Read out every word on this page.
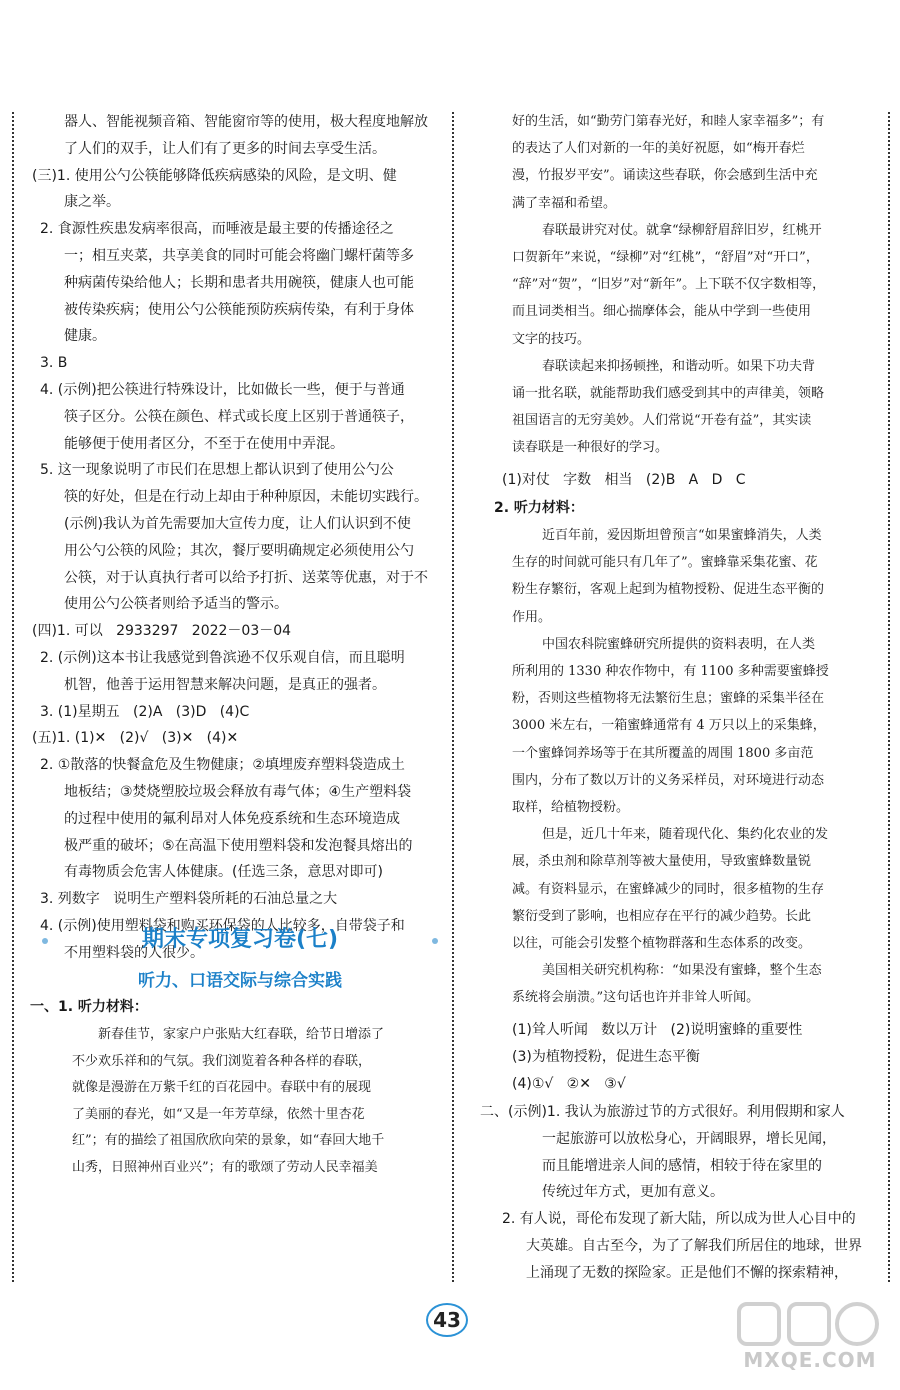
器人、智能视频音箱、智能窗帘等的使用，极大程度地解放
了人们的双手，让人们有了更多的时间去享受生活。
(三)1. 使用公勺公筷能够降低疾病感染的风险，是文明、健
康之举。
2. 食源性疾患发病率很高，而唾液是最主要的传播途径之
一；相互夹菜，共享美食的同时可能会将幽门螺杆菌等多
种病菌传染给他人；长期和患者共用碗筷，健康人也可能
被传染疾病；使用公勺公筷能预防疾病传染，有利于身体
健康。
3. B
4. (示例)把公筷进行特殊设计，比如做长一些，便于与普通
筷子区分。公筷在颜色、样式或长度上区别于普通筷子，
能够便于使用者区分，不至于在使用中弄混。
5. 这一现象说明了市民们在思想上都认识到了使用公勺公
筷的好处，但是在行动上却由于种种原因，未能切实践行。
(示例)我认为首先需要加大宣传力度，让人们认识到不使
用公勺公筷的风险；其次，餐厅要明确规定必须使用公勺
公筷，对于认真执行者可以给予打折、送菜等优惠，对于不
使用公勺公筷者则给予适当的警示。
(四)1. 可以   2933297   2022－03－04
2. (示例)这本书让我感觉到鲁滨逊不仅乐观自信，而且聪明
机智，他善于运用智慧来解决问题，是真正的强者。
3. (1)星期五   (2)A   (3)D   (4)C
(五)1. (1)✕   (2)√   (3)✕   (4)✕
2. ①散落的快餐盒危及生物健康；②填埋废弃塑料袋造成土
地板结；③焚烧塑胶垃圾会释放有毒气体；④生产塑料袋
的过程中使用的氟利昂对人体免疫系统和生态环境造成
极严重的破坏；⑤在高温下使用塑料袋和发泡餐具熔出的
有毒物质会危害人体健康。(任选三条，意思对即可)
3. 列数字   说明生产塑料袋所耗的石油总量之大
4. (示例)使用塑料袋和购买环保袋的人比较多，自带袋子和
不用塑料袋的人很少。
期末专项复习卷(七)
听力、口语交际与综合实践
一、1. 听力材料：
新春佳节，家家户户张贴大红春联，给节日增添了
不少欢乐祥和的气氛。我们浏览着各种各样的春联，
就像是漫游在万紫千红的百花园中。春联中有的展现
了美丽的春光，如“又是一年芳草绿，依然十里杏花
红”；有的描绘了祖国欣欣向荣的景象，如“春回大地千
山秀，日照神州百业兴”；有的歌颂了劳动人民幸福美
好的生活，如“勤劳门第春光好，和睦人家幸福多”；有
的表达了人们对新的一年的美好祝愿，如“梅开春烂
漫，竹报岁平安”。诵读这些春联，你会感到生活中充
满了幸福和希望。
春联最讲究对仗。就拿“绿柳舒眉辞旧岁，红桃开
口贺新年”来说，“绿柳”对“红桃”，“舒眉”对“开口”，
“辞”对“贺”，“旧岁”对“新年”。上下联不仅字数相等，
而且词类相当。细心揣摩体会，能从中学到一些使用
文字的技巧。
春联读起来抑扬顿挫，和谐动听。如果下功夫背
诵一批名联，就能帮助我们感受到其中的声律美，领略
祖国语言的无穷美妙。人们常说“开卷有益”，其实读
读春联是一种很好的学习。
(1)对仗   字数   相当   (2)B   A   D   C
2. 听力材料：
近百年前，爱因斯坦曾预言“如果蜜蜂消失，人类
生存的时间就可能只有几年了”。蜜蜂靠采集花蜜、花
粉生存繁衍，客观上起到为植物授粉、促进生态平衡的
作用。
中国农科院蜜蜂研究所提供的资料表明，在人类
所利用的 1330 种农作物中，有 1100 多种需要蜜蜂授
粉，否则这些植物将无法繁衍生息；蜜蜂的采集半径在
3000 米左右，一箱蜜蜂通常有 4 万只以上的采集蜂，
一个蜜蜂饲养场等于在其所覆盖的周围 1800 多亩范
围内，分布了数以万计的义务采样员，对环境进行动态
取样，给植物授粉。
但是，近几十年来，随着现代化、集约化农业的发
展，杀虫剂和除草剂等被大量使用，导致蜜蜂数量锐
减。有资料显示，在蜜蜂减少的同时，很多植物的生存
繁衍受到了影响，也相应存在平行的减少趋势。长此
以往，可能会引发整个植物群落和生态体系的改变。
美国相关研究机构称：“如果没有蜜蜂，整个生态
系统将会崩溃。”这句话也许并非耸人听闻。
(1)耸人听闻   数以万计   (2)说明蜜蜂的重要性
(3)为植物授粉，促进生态平衡
(4)①√   ②✕   ③√
二、(示例)1. 我认为旅游过节的方式很好。利用假期和家人
一起旅游可以放松身心，开阔眼界，增长见闻，
而且能增进亲人间的感情，相较于待在家里的
传统过年方式，更加有意义。
2. 有人说，哥伦布发现了新大陆，所以成为世人心目中的
大英雄。自古至今，为了了解我们所居住的地球，世界
上涌现了无数的探险家。正是他们不懈的探索精神，
43
MXQE.COM
